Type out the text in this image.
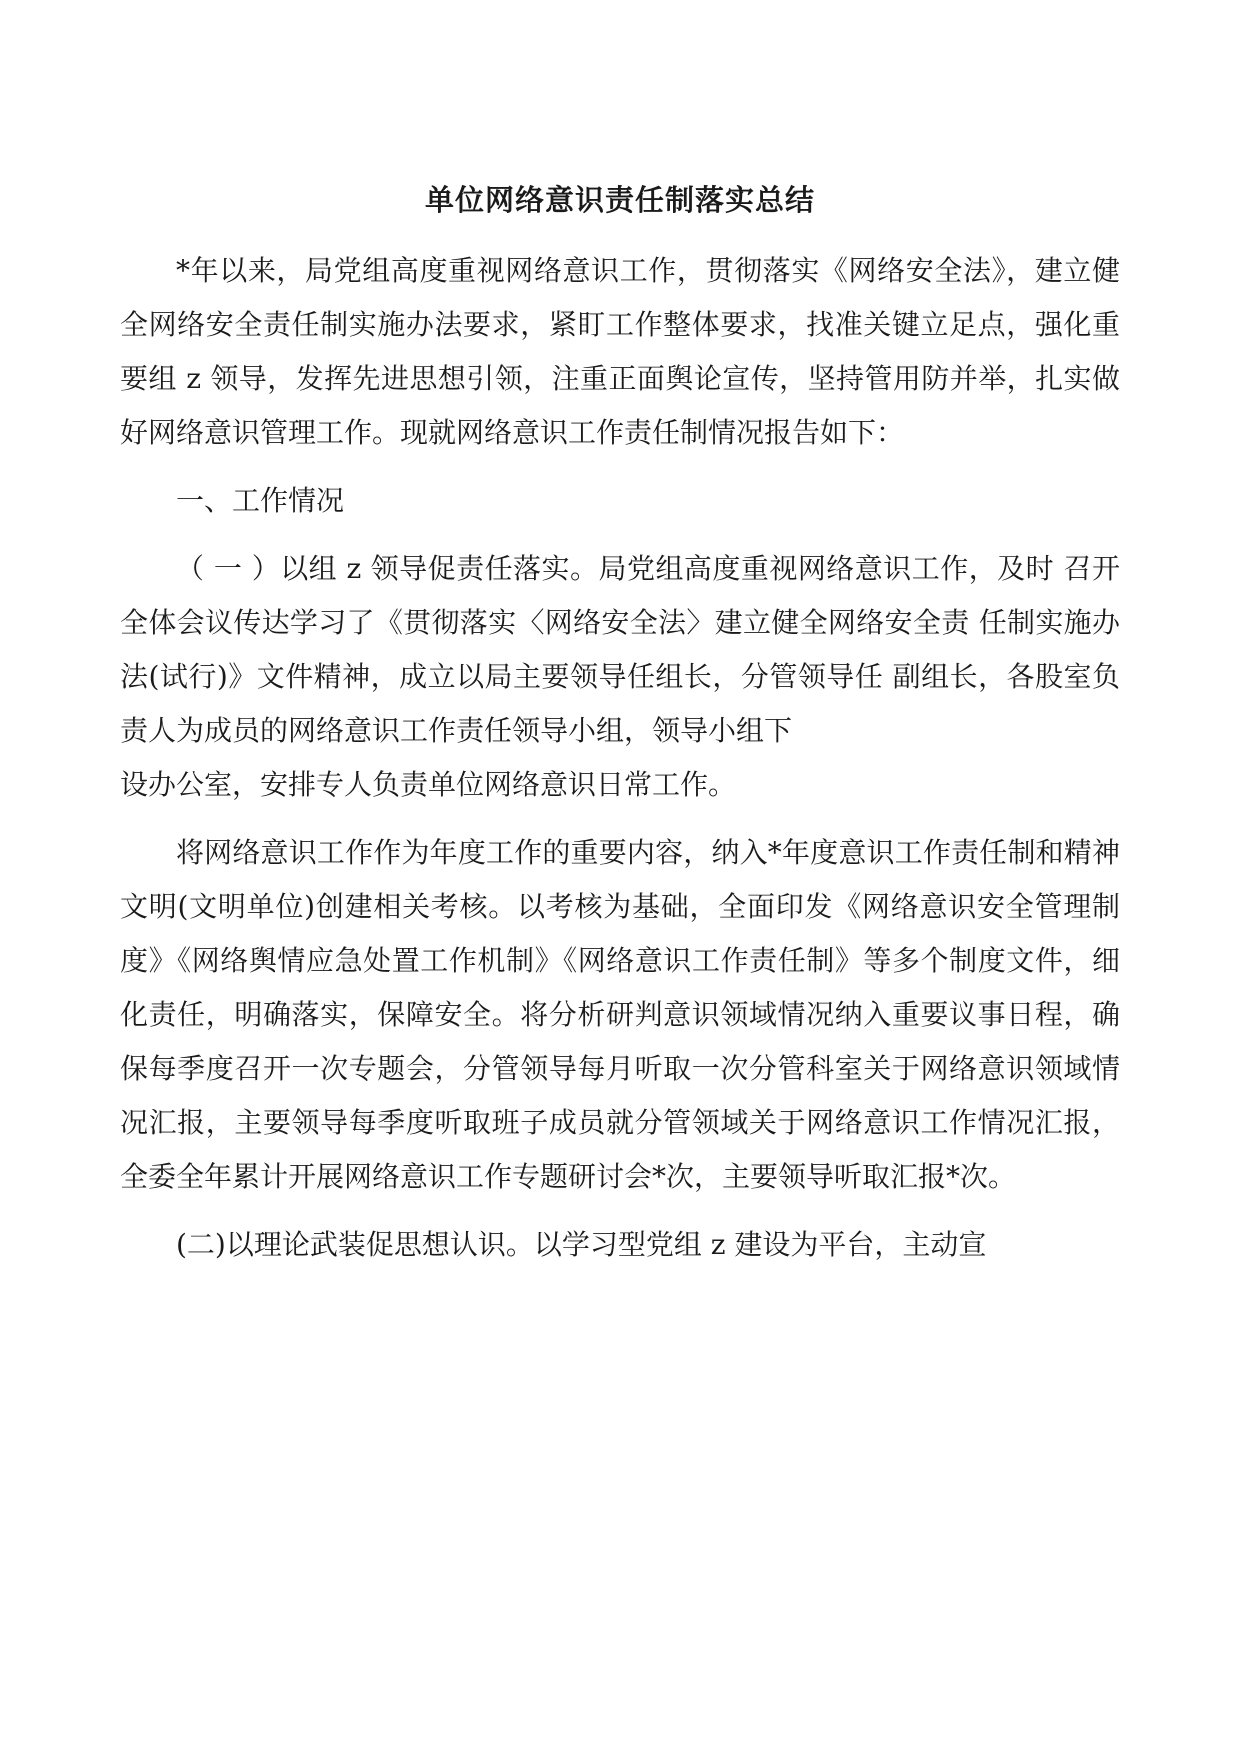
单位网络意识责任制落实总结

*年以来，局党组高度重视网络意识工作，贯彻落实《网络安全法》，建立健全网络安全责任制实施办法要求，紧盯工作整体要求，找准关键立足点，强化重要组 z 领导，发挥先进思想引领，注重正面舆论宣传，坚持管用防并举，扎实做好网络意识管理工作。现就网络意识工作责任制情况报告如下：

一、工作情况

（ 一 ）以组 z 领导促责任落实。局党组高度重视网络意识工作，及时 召开全体会议传达学习了《贯彻落实〈网络安全法〉建立健全网络安全责 任制实施办法(试行)》文件精神，成立以局主要领导任组长，分管领导任 副组长，各股室负责人为成员的网络意识工作责任领导小组，领导小组下

设办公室，安排专人负责单位网络意识日常工作。

将网络意识工作作为年度工作的重要内容，纳入*年度意识工作责任制和精神文明(文明单位)创建相关考核。以考核为基础，全面印发《网络意识安全管理制度》《网络舆情应急处置工作机制》《网络意识工作责任制》等多个制度文件，细化责任，明确落实，保障安全。将分析研判意识领域情况纳入重要议事日程，确保每季度召开一次专题会，分管领导每月听取一次分管科室关于网络意识领域情况汇报，主要领导每季度听取班子成员就分管领域关于网络意识工作情况汇报，全委全年累计开展网络意识工作专题研讨会*次，主要领导听取汇报*次。

(二)以理论武装促思想认识。以学习型党组 z 建设为平台，主动宣
